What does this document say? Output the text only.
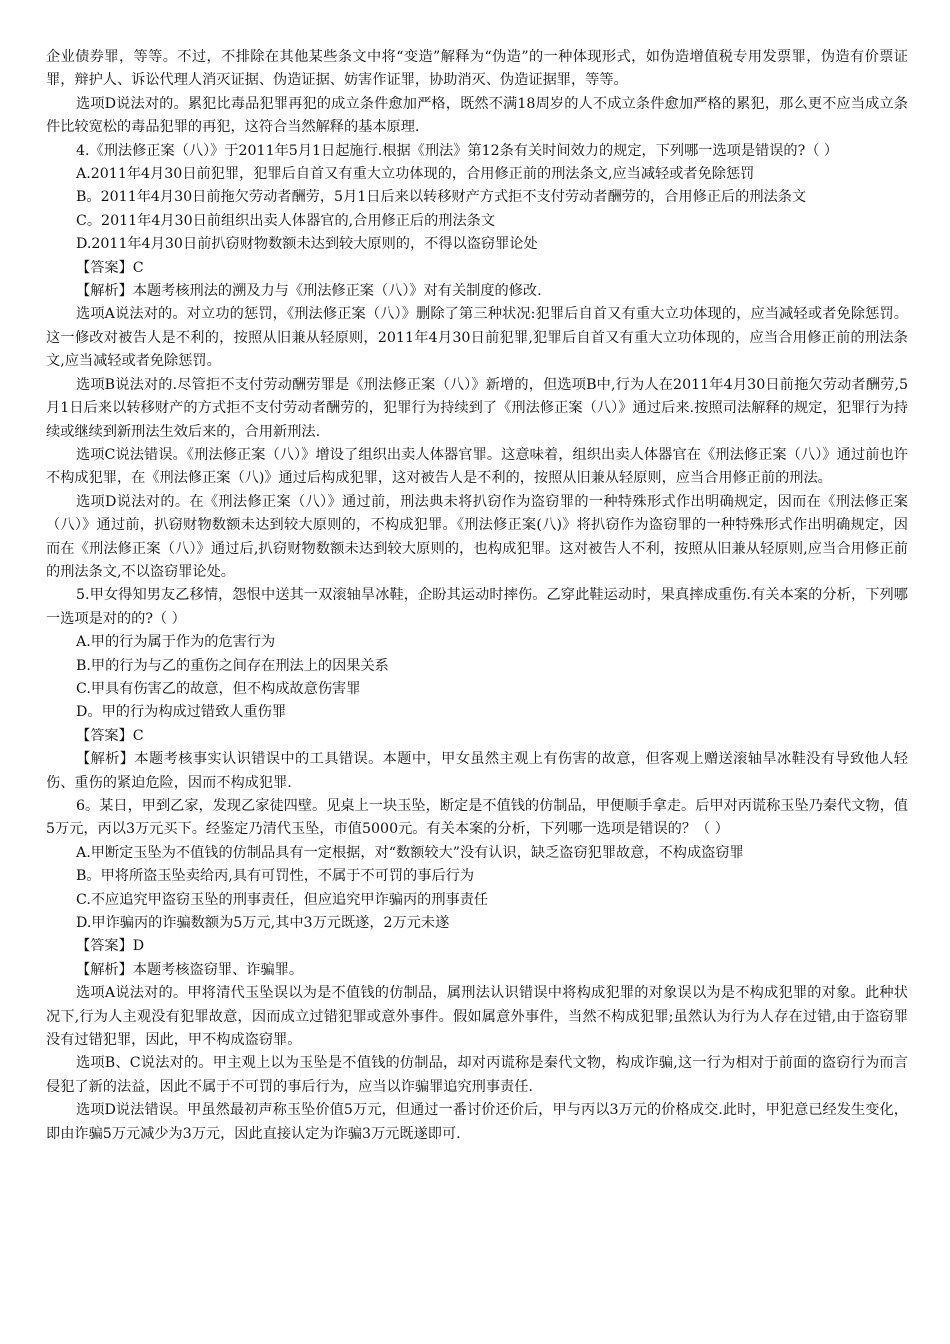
企业债券罪，等等。不过，不排除在其他某些条文中将“变造”解释为“伪造”的一种体现形式，如伪造增值税专用发票罪，伪造有价票证罪，辩护人、诉讼代理人消灭证据、伪造证据、妨害作证罪，协助消灭、伪造证据罪，等等。

选项D说法对的。累犯比毒品犯罪再犯的成立条件愈加严格，既然不满18周岁的人不成立条件愈加严格的累犯，那么更不应当成立条件比较宽松的毒品犯罪的再犯，这符合当然解释的基本原理.

4.《刑法修正案（八）》于2011年5月1日起施行.根据《刑法》第12条有关时间效力的规定，下列哪一选项是错误的?（ ）

A.2011年4月30日前犯罪，犯罪后自首又有重大立功体现的，合用修正前的刑法条文,应当减轻或者免除惩罚

B。2011年4月30日前拖欠劳动者酬劳，5月1日后来以转移财产方式拒不支付劳动者酬劳的，合用修正后的刑法条文

C。2011年4月30日前组织出卖人体器官的,合用修正后的刑法条文

D.2011年4月30日前扒窃财物数额未达到较大原则的，不得以盗窃罪论处

【答案】C

【解析】本题考核刑法的溯及力与《刑法修正案（八）》对有关制度的修改.

选项A说法对的。对立功的惩罚，《刑法修正案（八）》删除了第三种状况:犯罪后自首又有重大立功体现的，应当减轻或者免除惩罚。这一修改对被告人是不利的，按照从旧兼从轻原则，2011年4月30日前犯罪,犯罪后自首又有重大立功体现的，应当合用修正前的刑法条文,应当减轻或者免除惩罚。

选项B说法对的.尽管拒不支付劳动酬劳罪是《刑法修正案（八）》新增的，但选项B中,行为人在2011年4月30日前拖欠劳动者酬劳,5月1日后来以转移财产的方式拒不支付劳动者酬劳的，犯罪行为持续到了《刑法修正案（八）》通过后来.按照司法解释的规定，犯罪行为持续或继续到新刑法生效后来的，合用新刑法.

选项C说法错误。《刑法修正案（八）》增设了组织出卖人体器官罪。这意味着，组织出卖人体器官在《刑法修正案（八）》通过前也许不构成犯罪，在《刑法修正案（八)》通过后构成犯罪，这对被告人是不利的，按照从旧兼从轻原则，应当合用修正前的刑法。

选项D说法对的。在《刑法修正案（八）》通过前，刑法典未将扒窃作为盗窃罪的一种特殊形式作出明确规定，因而在《刑法修正案（八）》通过前，扒窃财物数额未达到较大原则的，不构成犯罪。《刑法修正案(八)》将扒窃作为盗窃罪的一种特殊形式作出明确规定，因而在《刑法修正案（八）》通过后,扒窃财物数额未达到较大原则的，也构成犯罪。这对被告人不利，按照从旧兼从轻原则,应当合用修正前的刑法条文,不以盗窃罪论处。

5.甲女得知男友乙移情，怨恨中送其一双滚轴旱冰鞋，企盼其运动时摔伤。乙穿此鞋运动时，果真摔成重伤.有关本案的分析，下列哪一选项是对的的?（ ）

A.甲的行为属于作为的危害行为

B.甲的行为与乙的重伤之间存在刑法上的因果关系

C.甲具有伤害乙的故意，但不构成故意伤害罪

D。甲的行为构成过错致人重伤罪

【答案】C

【解析】本题考核事实认识错误中的工具错误。本题中，甲女虽然主观上有伤害的故意，但客观上赠送滚轴旱冰鞋没有导致他人轻伤、重伤的紧迫危险，因而不构成犯罪.

6。某日，甲到乙家，发现乙家徒四壁。见桌上一块玉坠，断定是不值钱的仿制品，甲便顺手拿走。后甲对丙谎称玉坠乃秦代文物，值5万元，丙以3万元买下。经鉴定乃清代玉坠，市值5000元。有关本案的分析，下列哪一选项是错误的？（ ）

A.甲断定玉坠为不值钱的仿制品具有一定根据，对“数额较大”没有认识，缺乏盗窃犯罪故意，不构成盗窃罪

B。甲将所盗玉坠卖给丙,具有可罚性，不属于不可罚的事后行为

C.不应追究甲盗窃玉坠的刑事责任，但应追究甲诈骗丙的刑事责任

D.甲诈骗丙的诈骗数额为5万元,其中3万元既遂，2万元未遂

【答案】D

【解析】本题考核盗窃罪、诈骗罪。

选项A说法对的。甲将清代玉坠误以为是不值钱的仿制品，属刑法认识错误中将构成犯罪的对象误以为是不构成犯罪的对象。此种状况下,行为人主观没有犯罪故意，因而成立过错犯罪或意外事件。假如属意外事件，当然不构成犯罪;虽然认为行为人存在过错,由于盗窃罪没有过错犯罪，因此，甲不构成盗窃罪。

选项B、C说法对的。甲主观上以为玉坠是不值钱的仿制品，却对丙谎称是秦代文物，构成诈骗,这一行为相对于前面的盗窃行为而言侵犯了新的法益，因此不属于不可罚的事后行为，应当以诈骗罪追究刑事责任.

选项D说法错误。甲虽然最初声称玉坠价值5万元，但通过一番讨价还价后，甲与丙以3万元的价格成交.此时，甲犯意已经发生变化，即由诈骗5万元减少为3万元，因此直接认定为诈骗3万元既遂即可.
